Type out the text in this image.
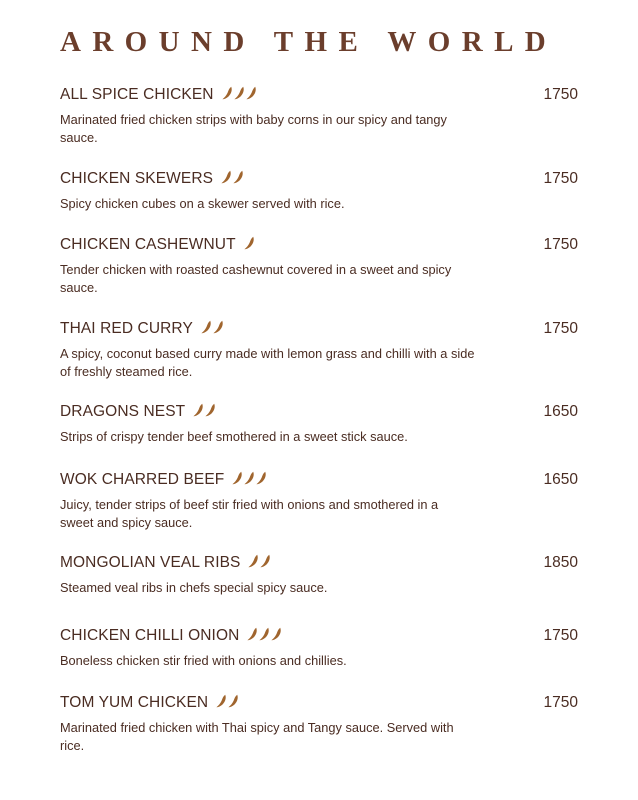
AROUND THE WORLD
ALL SPICE CHICKEN	1750
Marinated fried chicken strips with baby corns in our spicy and tangy sauce.
CHICKEN SKEWERS	1750
Spicy chicken cubes on a skewer served with rice.
CHICKEN CASHEWNUT	1750
Tender chicken with roasted cashewnut covered in a sweet and spicy sauce.
THAI RED CURRY	1750
A spicy, coconut based curry made with lemon grass and chilli with a side of freshly steamed rice.
DRAGONS NEST	1650
Strips of crispy tender beef smothered in a sweet stick sauce.
WOK CHARRED BEEF	1650
Juicy, tender strips of beef stir fried with onions and smothered in a sweet and spicy sauce.
MONGOLIAN VEAL RIBS	1850
Steamed veal ribs in chefs special spicy sauce.
CHICKEN CHILLI ONION	1750
Boneless chicken stir fried with onions and chillies.
TOM YUM CHICKEN	1750
Marinated fried chicken with Thai spicy and Tangy sauce. Served with rice.
